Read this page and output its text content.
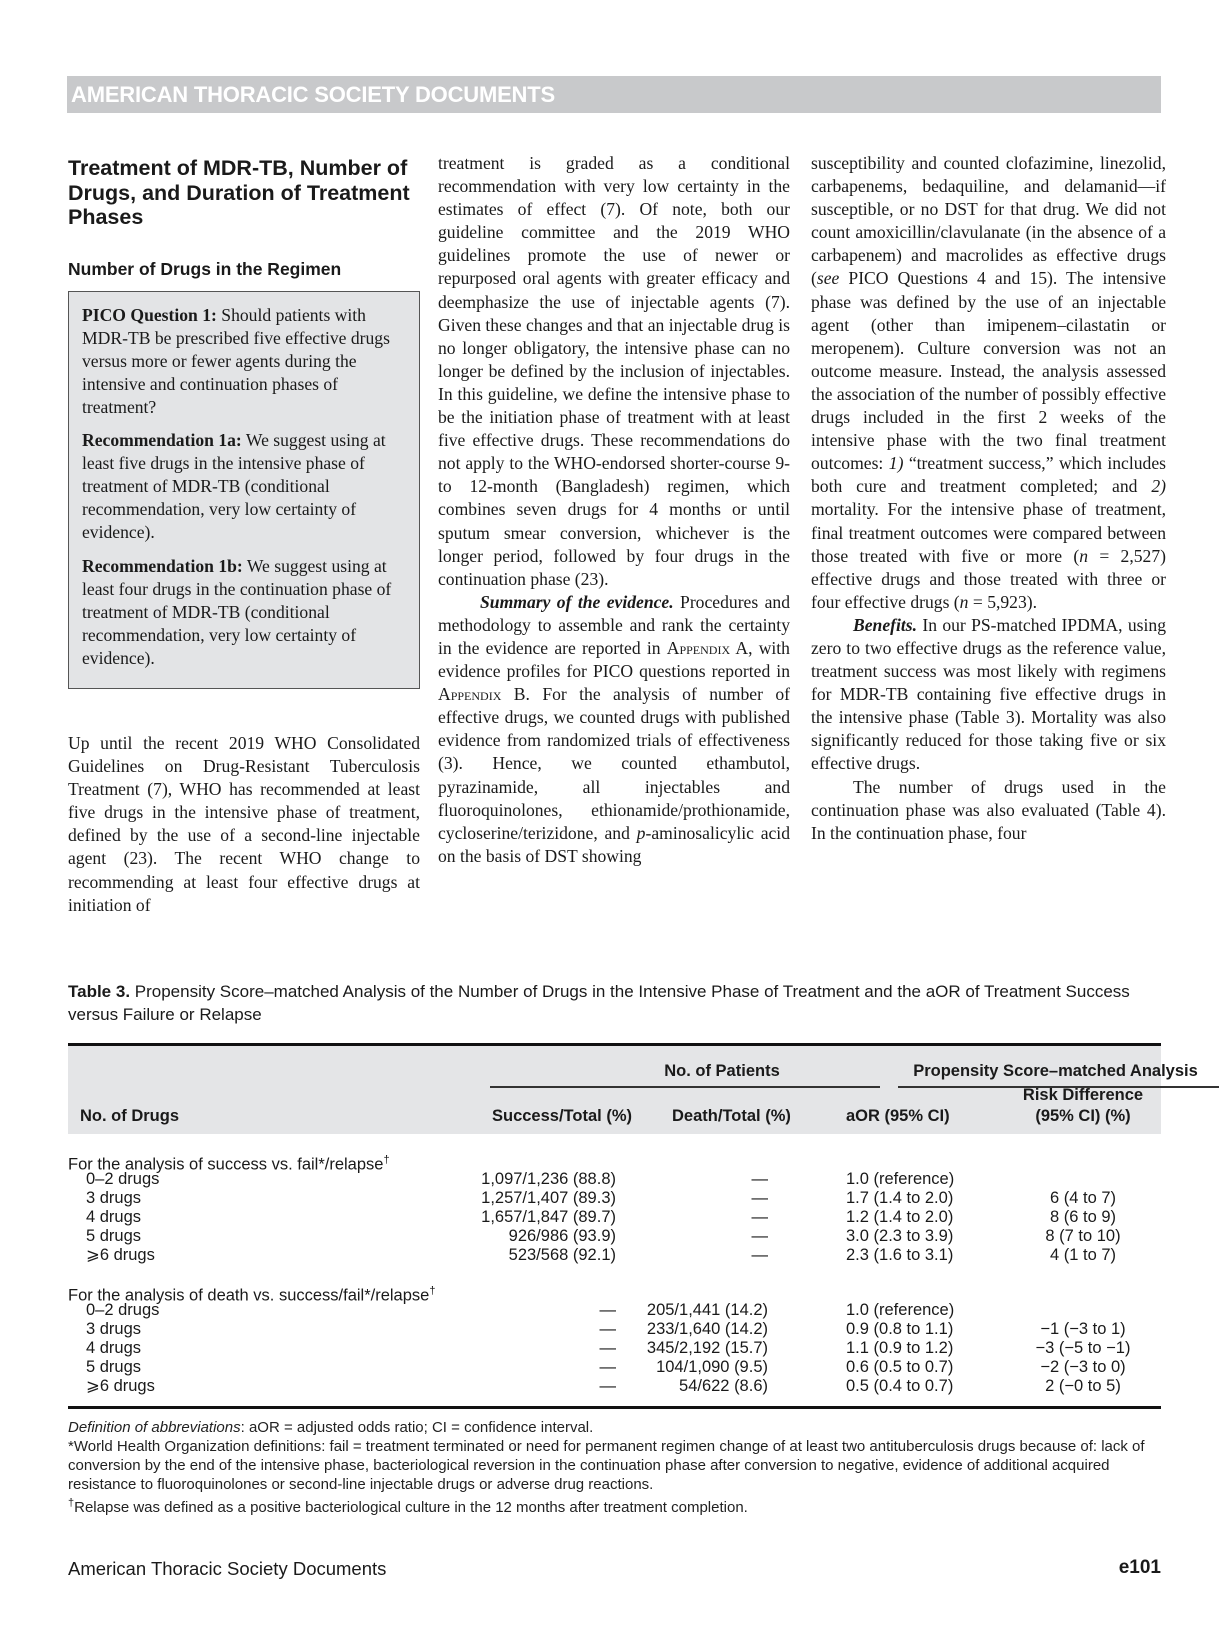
AMERICAN THORACIC SOCIETY DOCUMENTS
Treatment of MDR-TB, Number of Drugs, and Duration of Treatment Phases
Number of Drugs in the Regimen

PICO Question 1: Should patients with MDR-TB be prescribed five effective drugs versus more or fewer agents during the intensive and continuation phases of treatment?

Recommendation 1a: We suggest using at least five drugs in the intensive phase of treatment of MDR-TB (conditional recommendation, very low certainty of evidence).

Recommendation 1b: We suggest using at least four drugs in the continuation phase of treatment of MDR-TB (conditional recommendation, very low certainty of evidence).

Up until the recent 2019 WHO Consolidated Guidelines on Drug-Resistant Tuberculosis Treatment (7), WHO has recommended at least five drugs in the intensive phase of treatment, defined by the use of a second-line injectable agent (23). The recent WHO change to recommending at least four effective drugs at initiation of

treatment is graded as a conditional recommendation with very low certainty in the estimates of effect (7). Of note, both our guideline committee and the 2019 WHO guidelines promote the use of newer or repurposed oral agents with greater efficacy and deemphasize the use of injectable agents (7). Given these changes and that an injectable drug is no longer obligatory, the intensive phase can no longer be defined by the inclusion of injectables. In this guideline, we define the intensive phase to be the initiation phase of treatment with at least five effective drugs. These recommendations do not apply to the WHO-endorsed shorter-course 9- to 12-month (Bangladesh) regimen, which combines seven drugs for 4 months or until sputum smear conversion, whichever is the longer period, followed by four drugs in the continuation phase (23).

Summary of the evidence. Procedures and methodology to assemble and rank the certainty in the evidence are reported in Appendix A, with evidence profiles for PICO questions reported in Appendix B. For the analysis of number of effective drugs, we counted drugs with published evidence from randomized trials of effectiveness (3). Hence, we counted ethambutol, pyrazinamide, all injectables and fluoroquinolones, ethionamide/prothionamide, cycloserine/terizidone, and p-aminosalicylic acid on the basis of DST showing

susceptibility and counted clofazimine, linezolid, carbapenems, bedaquiline, and delamanid—if susceptible, or no DST for that drug. We did not count amoxicillin/clavulanate (in the absence of a carbapenem) and macrolides as effective drugs (see PICO Questions 4 and 15). The intensive phase was defined by the use of an injectable agent (other than imipenem–cilastatin or meropenem). Culture conversion was not an outcome measure. Instead, the analysis assessed the association of the number of possibly effective drugs included in the first 2 weeks of the intensive phase with the two final treatment outcomes: 1) “treatment success,” which includes both cure and treatment completed; and 2) mortality. For the intensive phase of treatment, final treatment outcomes were compared between those treated with five or more (n = 2,527) effective drugs and those treated with three or four effective drugs (n = 5,923).

Benefits. In our PS-matched IPDMA, using zero to two effective drugs as the reference value, treatment success was most likely with regimens for MDR-TB containing five effective drugs in the intensive phase (Table 3). Mortality was also significantly reduced for those taking five or six effective drugs.

The number of drugs used in the continuation phase was also evaluated (Table 4). In the continuation phase, four

Table 3. Propensity Score–matched Analysis of the Number of Drugs in the Intensive Phase of Treatment and the aOR of Treatment Success versus Failure or Relapse
No. of Patients	Propensity Score–matched Analysis
No. of Drugs	Success/Total (%) Death/Total (%)	aOR (95% CI)
Risk Difference
(95% CI) (%)
For the analysis of success vs. fail*/relapse†
0–2 drugs	1,097/1,236 (88.8)	—	1.0 (reference)
3 drugs	1,257/1,407 (89.3)	—	1.7 (1.4 to 2.0)	6 (4 to 7)
4 drugs	1,657/1,847 (89.7)	—	1.2 (1.4 to 2.0)	8 (6 to 9)
5 drugs	926/986 (93.9)	—	3.0 (2.3 to 3.9)	8 (7 to 10)
⩾6 drugs	523/568 (92.1)	—	2.3 (1.6 to 3.1)	4 (1 to 7)
For the analysis of death vs. success/fail*/relapse†
0–2 drugs	—	205/1,441 (14.2)	1.0 (reference)
3 drugs	—	233/1,640 (14.2)	0.9 (0.8 to 1.1)	−1 (−3 to 1)
4 drugs	—	345/2,192 (15.7)	1.1 (0.9 to 1.2)	−3 (−5 to −1)
5 drugs	—	104/1,090 (9.5)	0.6 (0.5 to 0.7)	−2 (−3 to 0)
⩾6 drugs	—	54/622 (8.6)	0.5 (0.4 to 0.7)	2 (−0 to 5)

Definition of abbreviations: aOR = adjusted odds ratio; CI = confidence interval.

*World Health Organization definitions: fail = treatment terminated or need for permanent regimen change of at least two antituberculosis drugs because of: lack of conversion by the end of the intensive phase, bacteriological reversion in the continuation phase after conversion to negative, evidence of additional acquired resistance to fluoroquinolones or second-line injectable drugs or adverse drug reactions.

†Relapse was defined as a positive bacteriological culture in the 12 months after treatment completion.

American Thoracic Society Documents	e101
